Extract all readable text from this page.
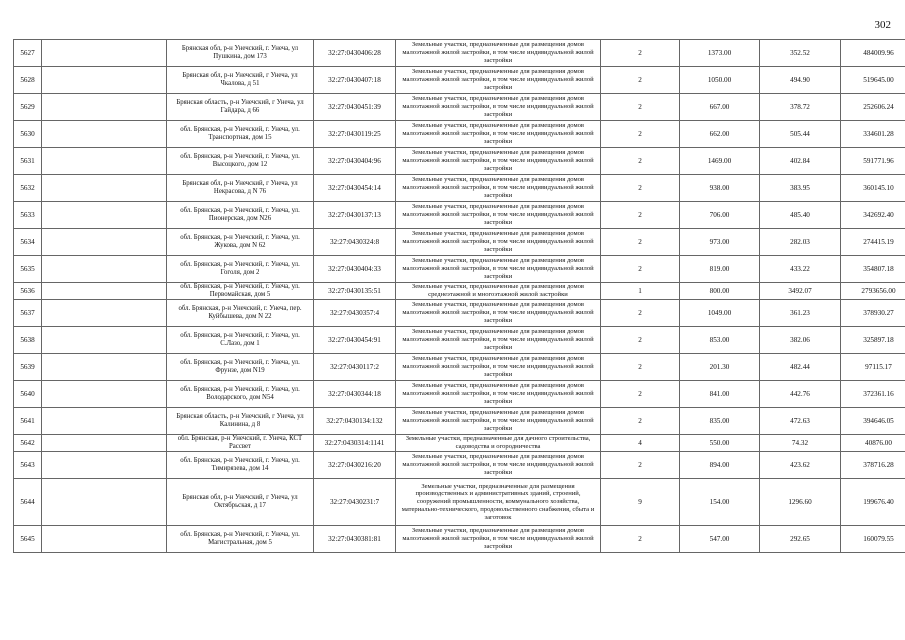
302
5627		Брянская обл, р-н Унечский, г. Унеча, ул Пушкина, дом 173	32:27:0430406:28	Земельные участки, предназначенные для размещения домов малоэтажной жилой застройки, в том числе индивидуальной жилой застройки	2	1373.00	352.52	484009.96
5628		Брянская обл, р-н Унечский, г Унеча, ул Чкалова, д 51	32:27:0430407:18	Земельные участки, предназначенные для размещения домов малоэтажной жилой застройки, в том числе индивидуальной жилой застройки	2	1050.00	494.90	519645.00
5629		Брянская область, р-н Унечский, г Унеча, ул Гайдара, д 66	32:27:0430451:39	Земельные участки, предназначенные для размещения домов малоэтажной жилой застройки, в том числе индивидуальной жилой застройки	2	667.00	378.72	252606.24
5630		обл. Брянская, р-н Унечский, г. Унеча, ул. Транспортная, дом 15	32:27:0430119:25	Земельные участки, предназначенные для размещения домов малоэтажной жилой застройки, в том числе индивидуальной жилой застройки	2	662.00	505.44	334601.28
5631		обл. Брянская, р-н Унечский, г. Унеча, ул. Высоцкого, дом 12	32:27:0430404:96	Земельные участки, предназначенные для размещения домов малоэтажной жилой застройки, в том числе индивидуальной жилой застройки	2	1469.00	402.84	591771.96
5632		Брянская обл, р-н Унечский, г Унеча, ул Некрасова, д N 76	32:27:0430454:14	Земельные участки, предназначенные для размещения домов малоэтажной жилой застройки, в том числе индивидуальной жилой застройки	2	938.00	383.95	360145.10
5633		обл. Брянская, р-н Унечский, г. Унеча, ул. Пионерская, дом N26	32:27:0430137:13	Земельные участки, предназначенные для размещения домов малоэтажной жилой застройки, в том числе индивидуальной жилой застройки	2	706.00	485.40	342692.40
5634		обл. Брянская, р-н Унечский, г. Унеча, ул. Жукова, дом N 62	32:27:0430324:8	Земельные участки, предназначенные для размещения домов малоэтажной жилой застройки, в том числе индивидуальной жилой застройки	2	973.00	282.03	274415.19
5635		обл. Брянская, р-н Унечский, г. Унеча, ул. Гоголя, дом 2	32:27:0430404:33	Земельные участки, предназначенные для размещения домов малоэтажной жилой застройки, в том числе индивидуальной жилой застройки	2	819.00	433.22	354807.18
5636		обл. Брянская, р-н Унечский, г. Унеча, ул. Первомайская, дом 5	32:27:0430135:51	Земельные участки, предназначенные для размещения домов среднеэтажной и многоэтажной жилой застройки	1	800.00	3492.07	2793656.00
5637		обл. Брянская, р-н Унечский, г. Унеча, пер. Куйбышева, дом N 22	32:27:0430357:4	Земельные участки, предназначенные для размещения домов малоэтажной жилой застройки, в том числе индивидуальной жилой застройки	2	1049.00	361.23	378930.27
5638		обл. Брянская, р-н Унечский, г. Унеча, ул. С.Лазо, дом 1	32:27:0430454:91	Земельные участки, предназначенные для размещения домов малоэтажной жилой застройки, в том числе индивидуальной жилой застройки	2	853.00	382.06	325897.18
5639		обл. Брянская, р-н Унечский, г. Унеча, ул. Фрунзе, дом N19	32:27:0430117:2	Земельные участки, предназначенные для размещения домов малоэтажной жилой застройки, в том числе индивидуальной жилой застройки	2	201.30	482.44	97115.17
5640		обл. Брянская, р-н Унечский, г. Унеча, ул. Володарского, дом N54	32:27:0430344:18	Земельные участки, предназначенные для размещения домов малоэтажной жилой застройки, в том числе индивидуальной жилой застройки	2	841.00	442.76	372361.16
5641		Брянская область, р-н Унечский, г Унеча, ул Калинина, д 8	32:27:0430134:132	Земельные участки, предназначенные для размещения домов малоэтажной жилой застройки, в том числе индивидуальной жилой застройки	2	835.00	472.63	394646.05
5642		обл. Брянская, р-н Унечский, г. Унеча, КСТ Рассвет	32:27:0430314:1141	Земельные участки, предназначенные для дачного строительства, садоводства и огородничества	4	550.00	74.32	40876.00
5643		обл. Брянская, р-н Унечский, г. Унеча, ул. Тимирязева, дом 14	32:27:0430216:20	Земельные участки, предназначенные для размещения домов малоэтажной жилой застройки, в том числе индивидуальной жилой застройки	2	894.00	423.62	378716.28
5644		Брянская обл, р-н Унечский, г Унеча, ул Октябрьская, д 17	32:27:0430231:7	Земельные участки, предназначенные для размещения производственных и административных зданий, строений, сооружений промышленности, коммунального хозяйства, материально-технического, продовольственного снабжения, сбыта и заготовок	9	154.00	1296.60	199676.40
5645		обл. Брянская, р-н Унечский, г. Унеча, ул. Магистральная, дом 5	32:27:0430381:81	Земельные участки, предназначенные для размещения домов малоэтажной жилой застройки, в том числе индивидуальной жилой застройки	2	547.00	292.65	160079.55
